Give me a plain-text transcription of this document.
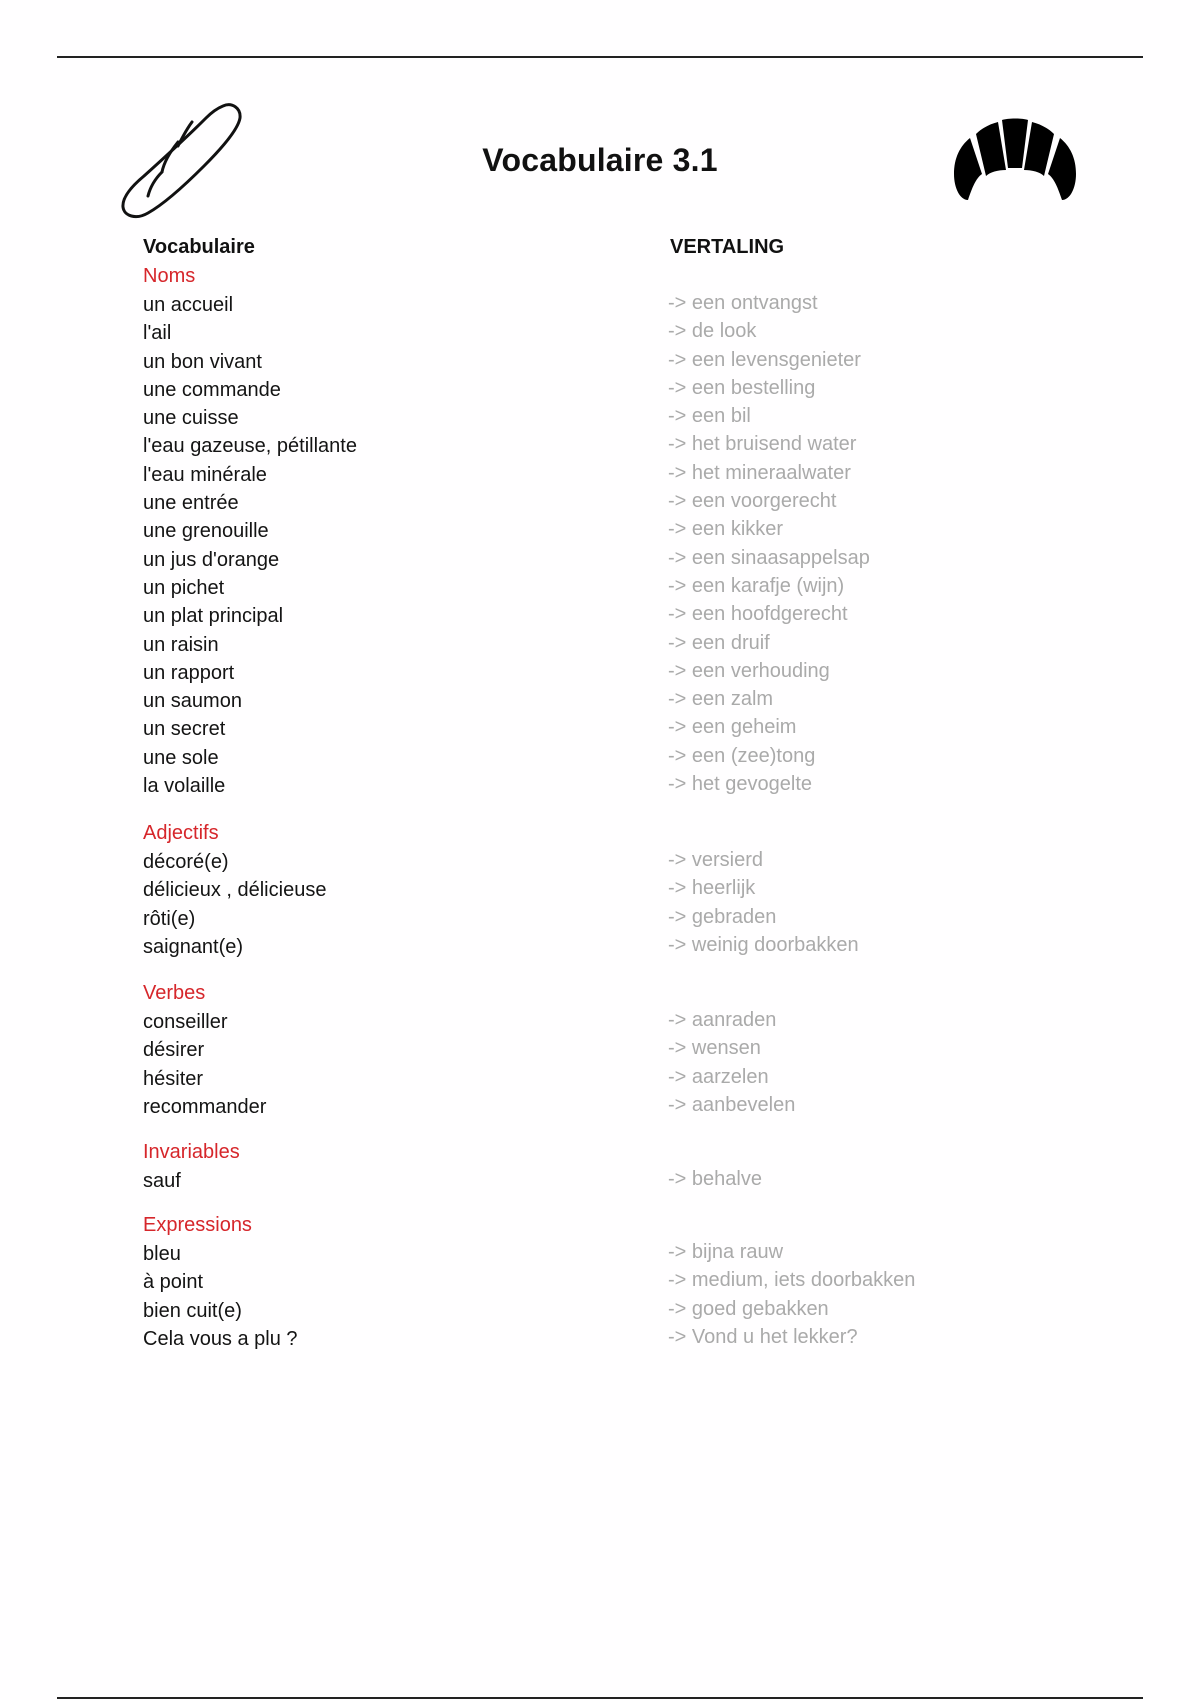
Vocabulaire 3.1
Vocabulaire	VERTALING
Noms
un accueil	-> een ontvangst
l'ail	-> de look
un bon vivant	-> een levensgenieter
une commande	-> een bestelling
une cuisse	-> een bil
l'eau gazeuse, pétillante	-> het bruisend water
l'eau minérale	-> het mineraalwater
une entrée	-> een voorgerecht
une grenouille	-> een kikker
un jus d'orange	-> een sinaasappelsap
un pichet	-> een karafje (wijn)
un plat principal	-> een hoofdgerecht
un raisin	-> een druif
un rapport	-> een verhouding
un saumon	-> een zalm
un secret	-> een geheim
une sole	-> een (zee)tong
la volaille	-> het gevogelte
Adjectifs
décoré(e)	-> versierd
délicieux , délicieuse	-> heerlijk
rôti(e)	-> gebraden
saignant(e)	-> weinig doorbakken
Verbes
conseiller	-> aanraden
désirer	-> wensen
hésiter	-> aarzelen
recommander	-> aanbevelen
Invariables
sauf	-> behalve
Expressions
bleu	-> bijna rauw
à point	-> medium, iets doorbakken
bien cuit(e)	-> goed gebakken
Cela vous a plu ?	-> Vond u het lekker?
